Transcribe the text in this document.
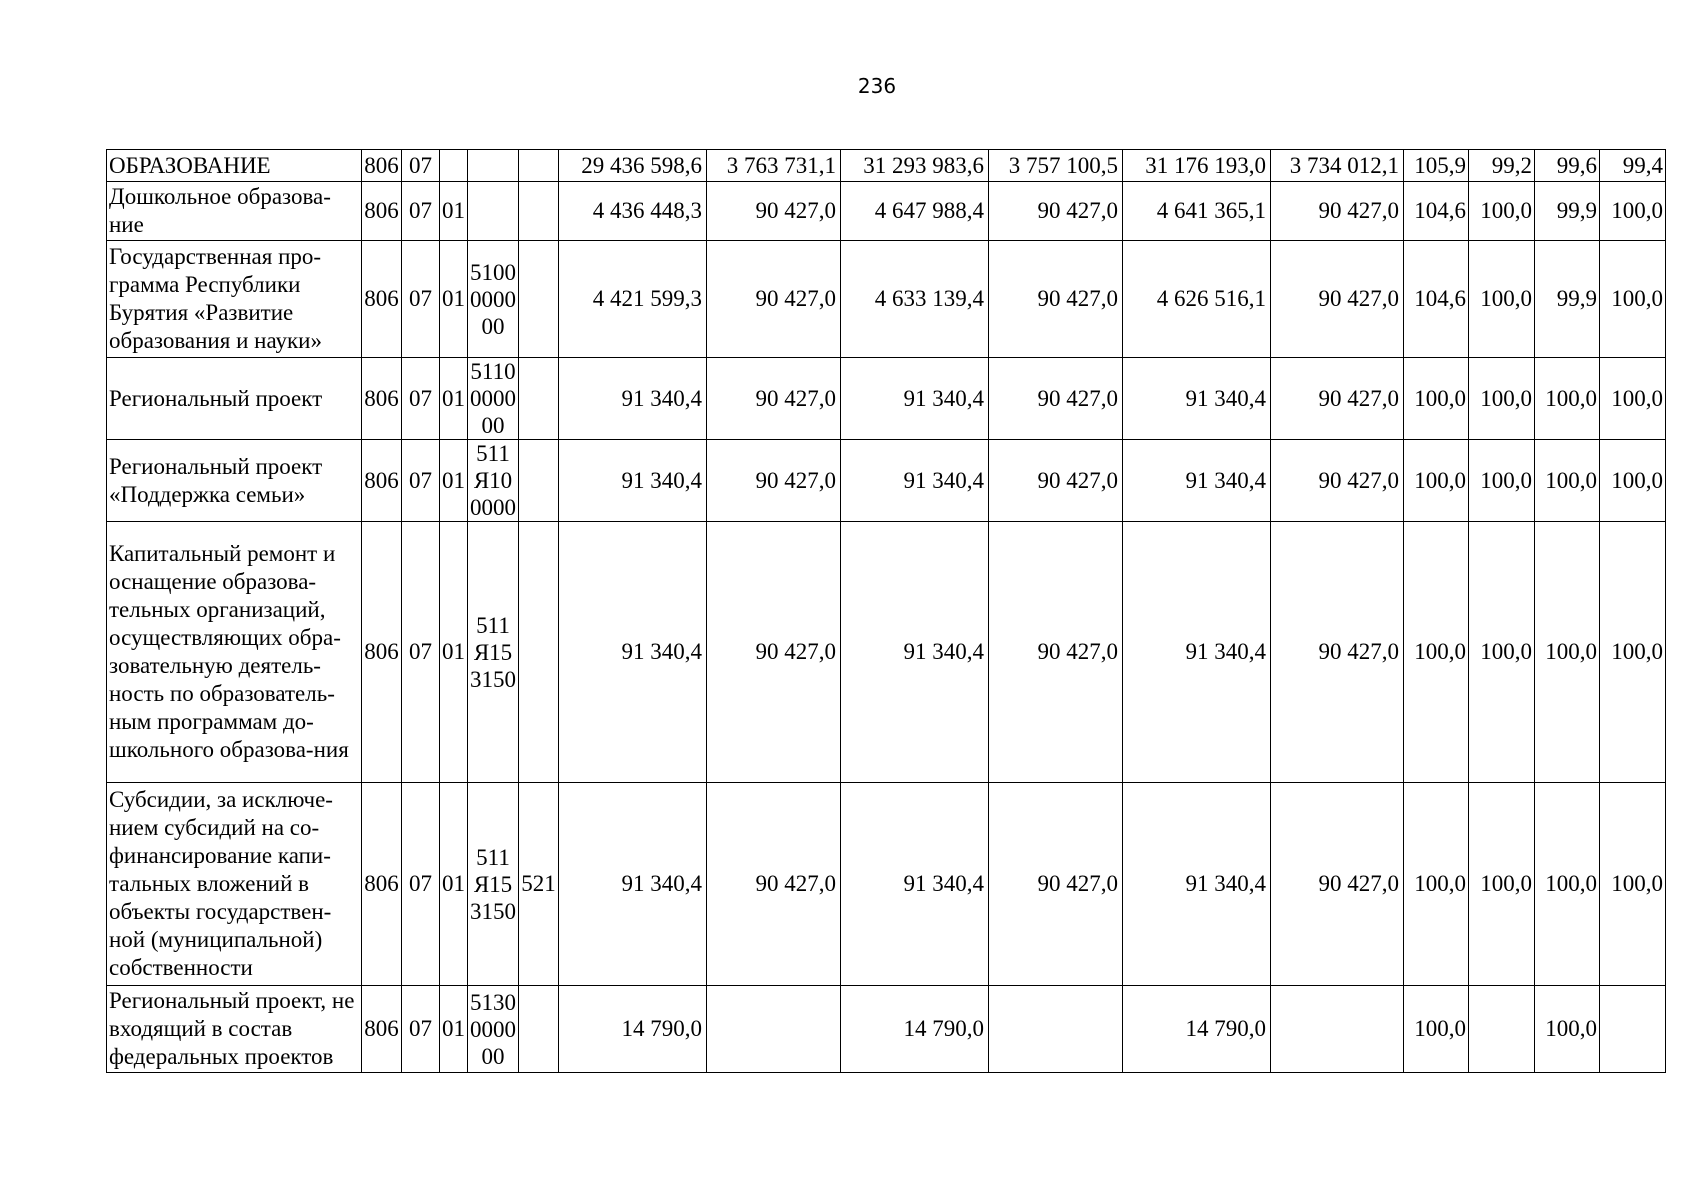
236
ОБРАЗОВАНИЕ	806	07				29 436 598,6	3 763 731,1	31 293 983,6	3 757 100,5	31 176 193,0	3 734 012,1	105,9	99,2	99,6	99,4
Дошкольное образова-ние	806	07	01			4 436 448,3	90 427,0	4 647 988,4	90 427,0	4 641 365,1	90 427,0	104,6	100,0	99,9	100,0
Государственная про-грамма Республики Бурятия «Развитие образования и науки»	806	07	01	5100000000		4 421 599,3	90 427,0	4 633 139,4	90 427,0	4 626 516,1	90 427,0	104,6	100,0	99,9	100,0
Региональный проект	806	07	01	5110000000		91 340,4	90 427,0	91 340,4	90 427,0	91 340,4	90 427,0	100,0	100,0	100,0	100,0
Региональный проект «Поддержка семьи»	806	07	01	511Я100000		91 340,4	90 427,0	91 340,4	90 427,0	91 340,4	90 427,0	100,0	100,0	100,0	100,0
Капитальный ремонт и оснащение образова-тельных организаций, осуществляющих обра-зовательную деятель-ность по образователь-ным программам до-школьного образова-ния	806	07	01	511Я153150		91 340,4	90 427,0	91 340,4	90 427,0	91 340,4	90 427,0	100,0	100,0	100,0	100,0
Субсидии, за исключе-нием субсидий на со-финансирование капи-тальных вложений в объекты государствен-ной (муниципальной) собственности	806	07	01	511Я153150	521	91 340,4	90 427,0	91 340,4	90 427,0	91 340,4	90 427,0	100,0	100,0	100,0	100,0
Региональный проект, не входящий в состав федеральных проектов	806	07	01	5130000000		14 790,0		14 790,0		14 790,0		100,0		100,0	
